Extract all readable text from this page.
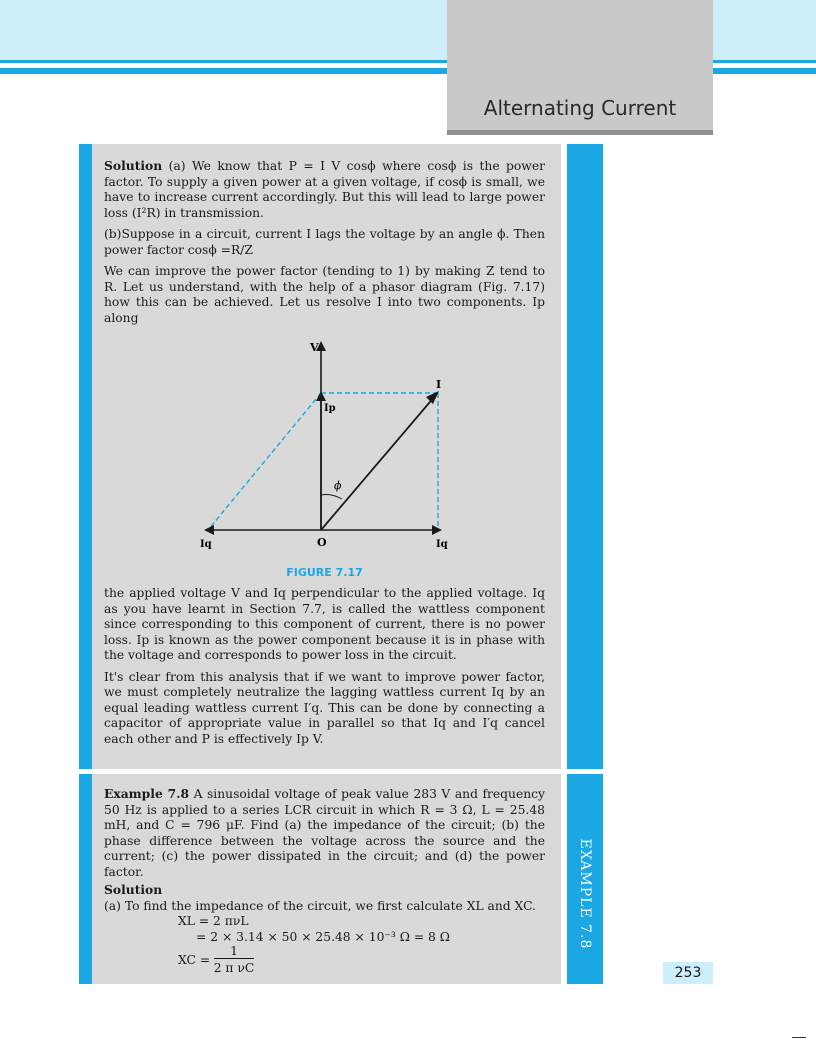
Alternating Current
EXAMPLE 7.7

Solution (a) We know that P = I V cosϕ where cosϕ is the power factor. To supply a given power at a given voltage, if cosϕ is small, we have to increase current accordingly. But this will lead to large power loss (I²R) in transmission.

(b)Suppose in a circuit, current I lags the voltage by an angle ϕ. Then power factor cosϕ =R/Z

We can improve the power factor (tending to 1) by making Z tend to R. Let us understand, with the help of a phasor diagram (Fig. 7.17) how this can be achieved. Let us resolve I into two components. Ip along

V
I
Ip
ϕ
O
Iq	Iq
FIGURE 7.17

the applied voltage V and Iq perpendicular to the applied voltage. Iq as you have learnt in Section 7.7, is called the wattless component since corresponding to this component of current, there is no power loss. Ip is known as the power component because it is in phase with the voltage and corresponds to power loss in the circuit.

It's clear from this analysis that if we want to improve power factor, we must completely neutralize the lagging wattless current Iq by an equal leading wattless current I′q. This can be done by connecting a capacitor of appropriate value in parallel so that Iq and I′q cancel each other and P is effectively Ip V.

EXAMPLE 7.8

Example 7.8 A sinusoidal voltage of peak value 283 V and frequency 50 Hz is applied to a series LCR circuit in which R = 3 Ω, L = 25.48 mH, and C = 796 μF. Find (a) the impedance of the circuit; (b) the phase difference between the voltage across the source and the current; (c) the power dissipated in the circuit; and (d) the power factor.

Solution

(a) To find the impedance of the circuit, we first calculate XL and XC.

XL = 2 πνL
= 2 × 3.14 × 50 × 25.48 × 10⁻³ Ω = 8 Ω
XC =
1
2 π νC	253
